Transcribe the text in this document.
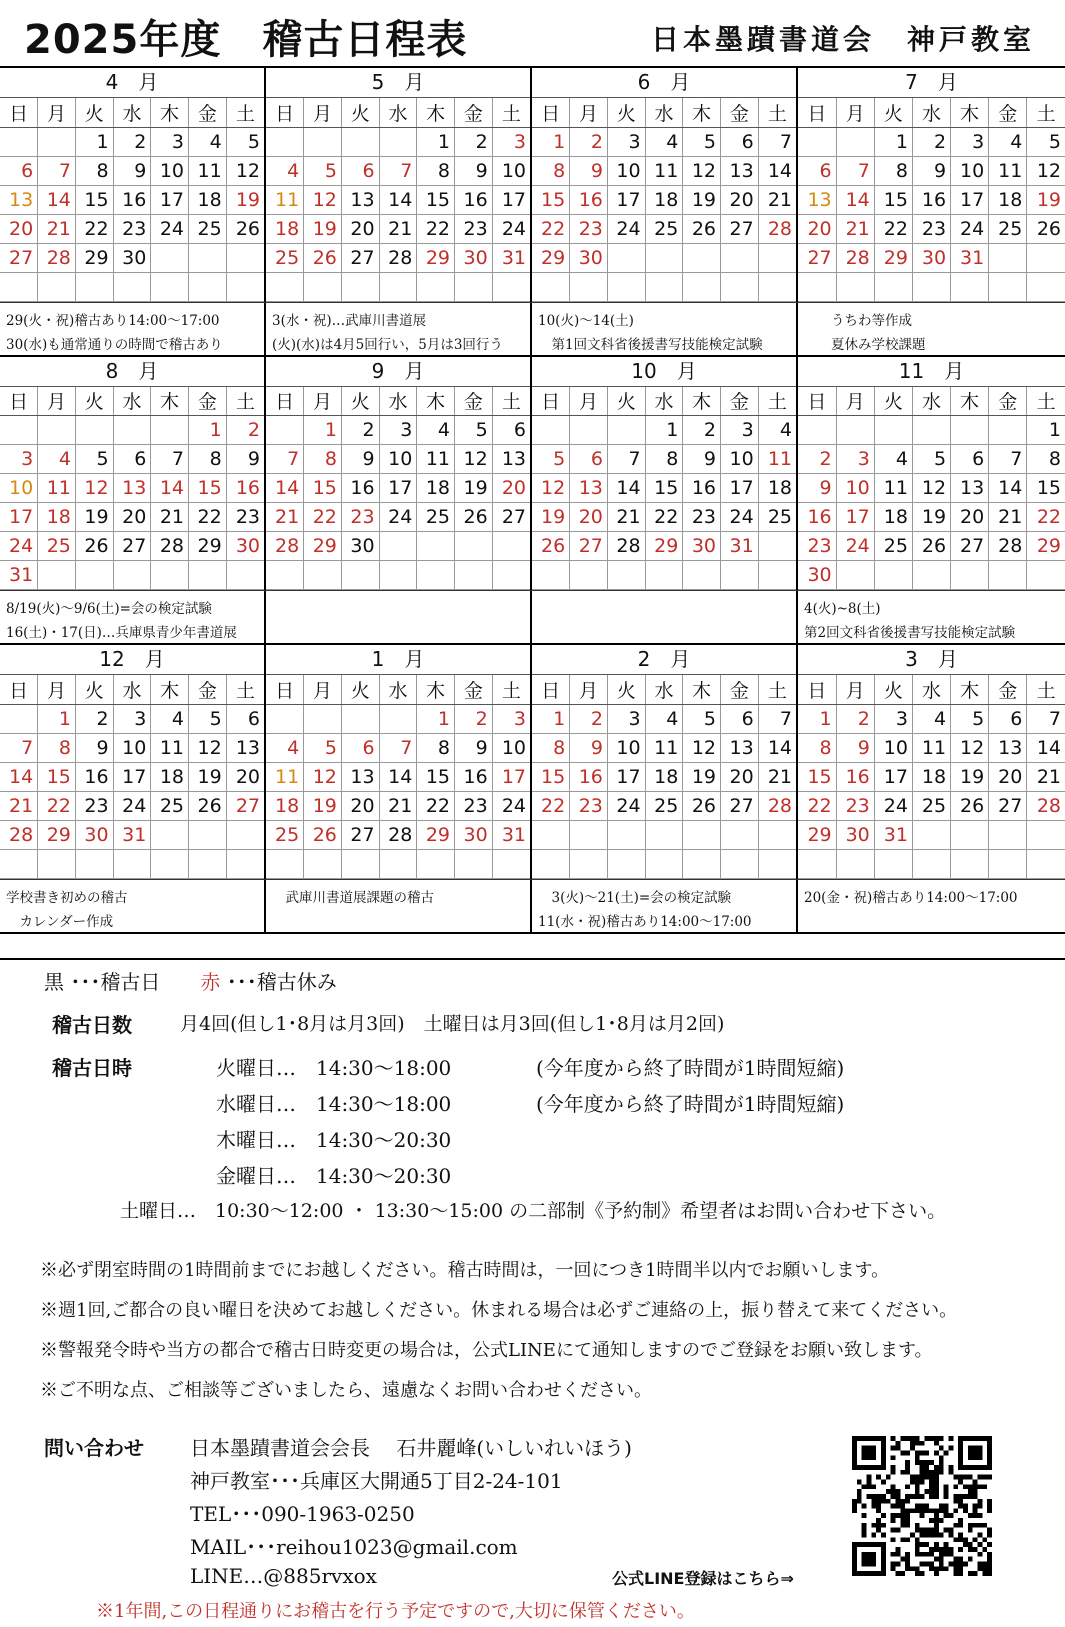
2025年度　稽古日程表	日本墨蹟書道会　神戸教室
4　月
日	月	火	水	木	金	土
		1	2	3	4	5
6	7	8	9	10	11	12
13	14	15	16	17	18	19
20	21	22	23	24	25	26
27	28	29	30			

5　月
日	月	火	水	木	金	土
				1	2	3
4	5	6	7	8	9	10
11	12	13	14	15	16	17
18	19	20	21	22	23	24
25	26	27	28	29	30	31

6　月
日	月	火	水	木	金	土
1	2	3	4	5	6	7
8	9	10	11	12	13	14
15	16	17	18	19	20	21
22	23	24	25	26	27	28
29	30					

7　月
日	月	火	水	木	金	土
		1	2	3	4	5
6	7	8	9	10	11	12
13	14	15	16	17	18	19
20	21	22	23	24	25	26
27	28	29	30	31		

29(火・祝)稽古あり14:00～17:00
30(水)も通常通りの時間で稽古あり
3(水・祝)…武庫川書道展
(火)(水)は4月5回行い，5月は3回行う
10(火)～14(土)
　第1回文科省後援書写技能検定試験
　　うちわ等作成
　　夏休み学校課題
8　月
日	月	火	水	木	金	土
					1	2
3	4	5	6	7	8	9
10	11	12	13	14	15	16
17	18	19	20	21	22	23
24	25	26	27	28	29	30
31						
9　月
日	月	火	水	木	金	土
	1	2	3	4	5	6
7	8	9	10	11	12	13
14	15	16	17	18	19	20
21	22	23	24	25	26	27
28	29	30				

10　月
日	月	火	水	木	金	土
			1	2	3	4
5	6	7	8	9	10	11
12	13	14	15	16	17	18
19	20	21	22	23	24	25
26	27	28	29	30	31	

11　月
日	月	火	水	木	金	土
						1
2	3	4	5	6	7	8
9	10	11	12	13	14	15
16	17	18	19	20	21	22
23	24	25	26	27	28	29
30						
8/19(火)～9/6(土)=会の検定試験
16(土)・17(日)…兵庫県青少年書道展
4(火)~8(土)
第2回文科省後援書写技能検定試験
12　月
日	月	火	水	木	金	土
	1	2	3	4	5	6
7	8	9	10	11	12	13
14	15	16	17	18	19	20
21	22	23	24	25	26	27
28	29	30	31			

1　月
日	月	火	水	木	金	土
				1	2	3
4	5	6	7	8	9	10
11	12	13	14	15	16	17
18	19	20	21	22	23	24
25	26	27	28	29	30	31

2　月
日	月	火	水	木	金	土
1	2	3	4	5	6	7
8	9	10	11	12	13	14
15	16	17	18	19	20	21
22	23	24	25	26	27	28

3　月
日	月	火	水	木	金	土
1	2	3	4	5	6	7
8	9	10	11	12	13	14
15	16	17	18	19	20	21
22	23	24	25	26	27	28
29	30	31				

学校書き初めの稽古
　カレンダー作成
　武庫川書道展課題の稽古	　3(火)～21(土)=会の検定試験
11(水・祝)稽古あり14:00～17:00
20(金・祝)稽古あり14:00～17:00
黒 ･･･稽古日　　 赤 ･･･稽古休み
稽古日数	月4回(但し1･8月は月3回)　土曜日は月3回(但し1･8月は月2回)
稽古日時	火曜日…　14:30～18:00	(今年度から終了時間が1時間短縮)
水曜日…　14:30～18:00	(今年度から終了時間が1時間短縮)
木曜日…　14:30～20:30
金曜日…　14:30～20:30
土曜日…　10:30～12:00 ・ 13:30～15:00 の二部制《予約制》希望者はお問い合わせ下さい。
※必ず閉室時間の1時間前までにお越しください。稽古時間は，一回につき1時間半以内でお願いします。
※週1回,ご都合の良い曜日を決めてお越しください。休まれる場合は必ずご連絡の上，振り替えて来てください。
※警報発令時や当方の都合で稽古日時変更の場合は，公式LINEにて通知しますのでご登録をお願い致します。
※ご不明な点、ご相談等ございましたら、遠慮なくお問い合わせください。
問い合わせ 日本墨蹟書道会会長　 石井麗峰(いしいれいほう)
神戸教室･･･兵庫区大開通5丁目2-24-101
TEL･･･090-1963-0250
MAIL･･･reihou1023@gmail.com
LINE…@885rvxox	公式LINE登録はこちら⇒
※1年間,この日程通りにお稽古を行う予定ですので,大切に保管ください。
